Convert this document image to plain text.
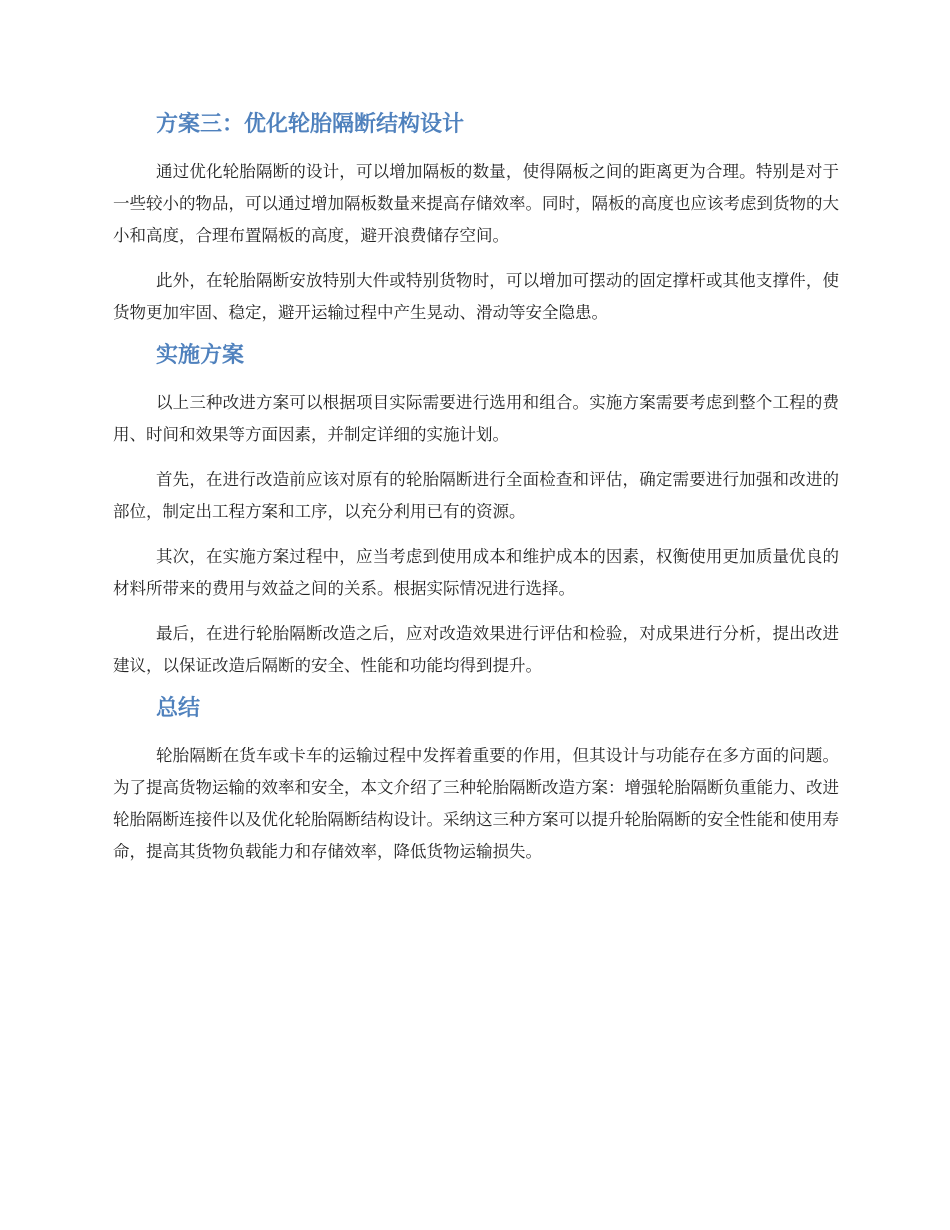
方案三：优化轮胎隔断结构设计

通过优化轮胎隔断的设计，可以增加隔板的数量，使得隔板之间的距离更为合理。特别是对于一些较小的物品，可以通过增加隔板数量来提高存储效率。同时，隔板的高度也应该考虑到货物的大小和高度，合理布置隔板的高度，避开浪费储存空间。

此外，在轮胎隔断安放特别大件或特别货物时，可以增加可摆动的固定撑杆或其他支撑件，使货物更加牢固、稳定，避开运输过程中产生晃动、滑动等安全隐患。

实施方案

以上三种改进方案可以根据项目实际需要进行选用和组合。实施方案需要考虑到整个工程的费用、时间和效果等方面因素，并制定详细的实施计划。

首先，在进行改造前应该对原有的轮胎隔断进行全面检查和评估，确定需要进行加强和改进的部位，制定出工程方案和工序，以充分利用已有的资源。

其次，在实施方案过程中，应当考虑到使用成本和维护成本的因素，权衡使用更加质量优良的材料所带来的费用与效益之间的关系。根据实际情况进行选择。

最后，在进行轮胎隔断改造之后，应对改造效果进行评估和检验，对成果进行分析，提出改进建议，以保证改造后隔断的安全、性能和功能均得到提升。

总结

轮胎隔断在货车或卡车的运输过程中发挥着重要的作用，但其设计与功能存在多方面的问题。为了提高货物运输的效率和安全，本文介绍了三种轮胎隔断改造方案：增强轮胎隔断负重能力、改进轮胎隔断连接件以及优化轮胎隔断结构设计。采纳这三种方案可以提升轮胎隔断的安全性能和使用寿命，提高其货物负载能力和存储效率，降低货物运输损失。
